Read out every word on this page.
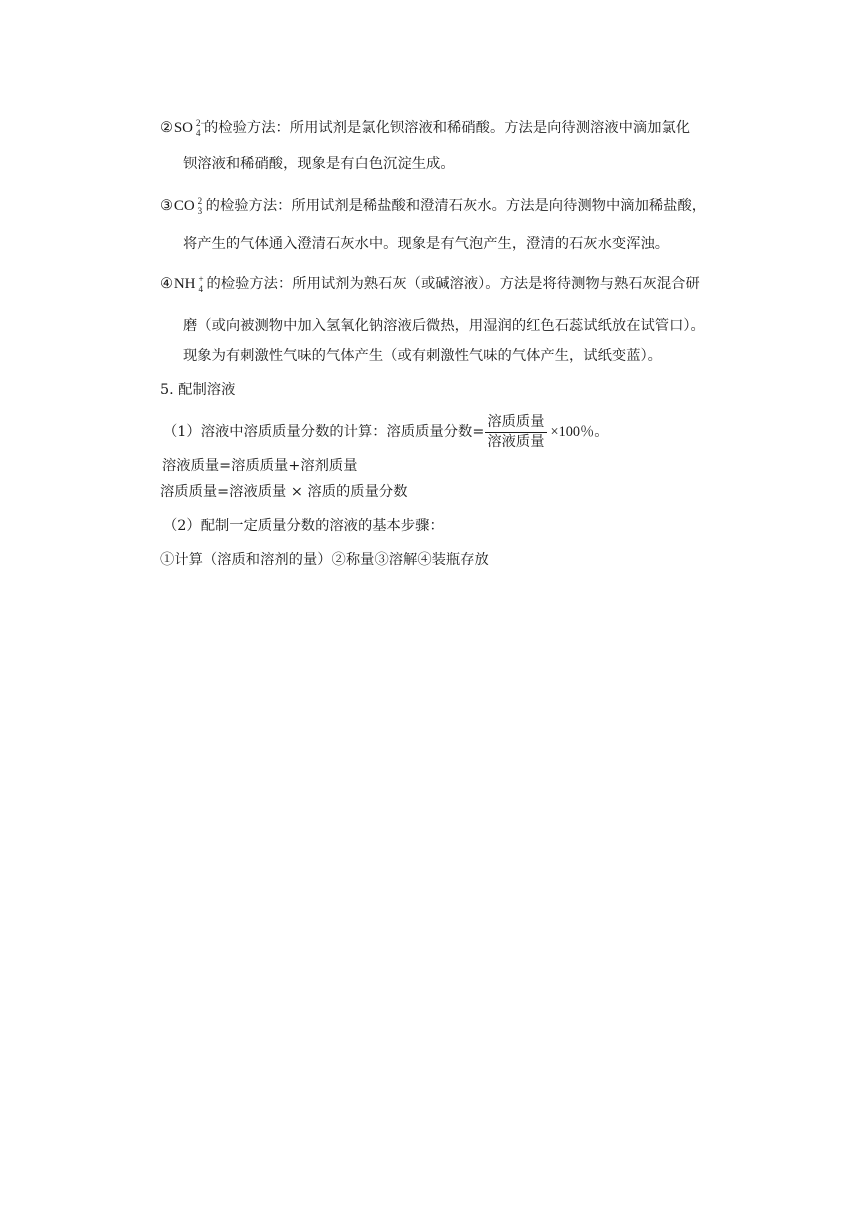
②SO 2−
4 的检验方法：所用试剂是氯化钡溶液和稀硝酸。方法是向待测溶液中滴加氯化
钡溶液和稀硝酸，现象是有白色沉淀生成。
③CO 2
3 的检验方法：所用试剂是稀盐酸和澄清石灰水。方法是向待测物中滴加稀盐酸，
将产生的气体通入澄清石灰水中。现象是有气泡产生，澄清的石灰水变浑浊。
④NH +
4 的检验方法：所用试剂为熟石灰（或碱溶液）。方法是将待测物与熟石灰混合研
磨（或向被测物中加入氢氧化钠溶液后微热，用湿润的红色石蕊试纸放在试管口）。
现象为有刺激性气味的气体产生（或有刺激性气味的气体产生，试纸变蓝）。
5. 配制溶液
（1）溶液中溶质质量分数的计算：溶质质量分数= $\frac{\text{溶质质量}}{\text{溶液质量}} \times 100$％。
溶液质量=溶质质量+溶剂质量
溶质质量=溶液质量 × 溶质的质量分数
（2）配制一定质量分数的溶液的基本步骤：
①计算（溶质和溶剂的量）②称量③溶解④装瓶存放
